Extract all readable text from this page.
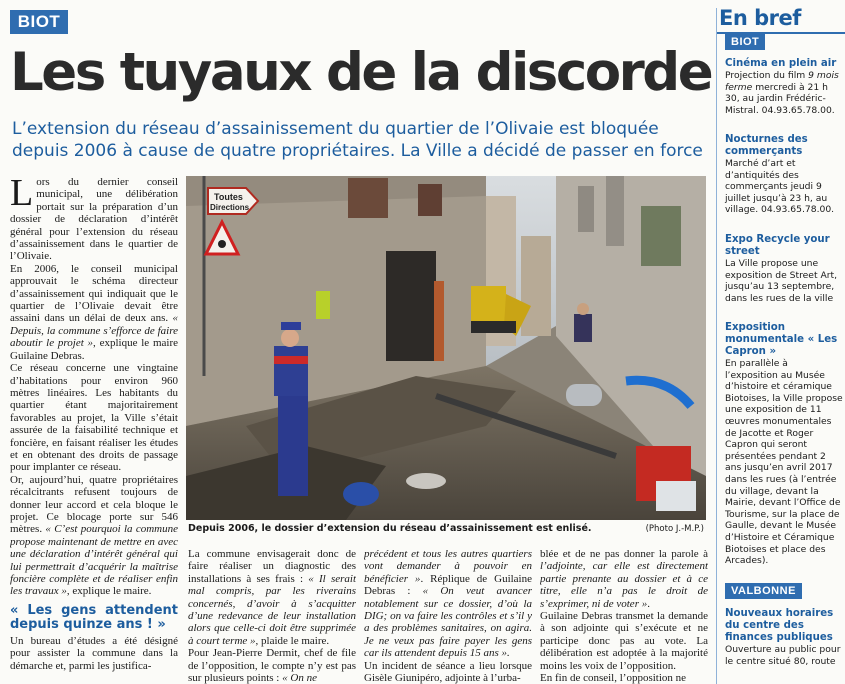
BIOT
Les tuyaux de la discorde
L’extension du réseau d’assainissement du quartier de l’Olivaie est bloquée depuis 2006 à cause de quatre propriétaires. La Ville a décidé de passer en force
L ors du dernier conseil municipal, une délibération portait sur la préparation d’un dossier de déclaration d’intérêt général pour l’extension du réseau d’assainissement dans le quartier de l’Olivaie.

En 2006, le conseil municipal approuvait le schéma directeur d’assainissement qui indiquait que le quartier de l’Olivaie devait être assaini dans un délai de deux ans. « Depuis, la commune s’efforce de faire aboutir le projet », explique le maire Guilaine Debras.

Ce réseau concerne une vingtaine d’habitations pour environ 960 mètres linéaires. Les habitants du quartier étant majoritairement favorables au projet, la Ville s’était assurée de la faisabilité technique et foncière, en faisant réaliser les études et en obtenant des droits de passage pour implanter ce réseau.

Or, aujourd’hui, quatre propriétaires récalcitrants refusent toujours de donner leur accord et cela bloque le projet. Ce blocage porte sur 546 mètres. « C’est pourquoi la commune propose maintenant de mettre en avec une déclaration d’intérêt général qui lui permettrait d’acquérir la maîtrise foncière complète et de réaliser enfin les travaux », explique le maire.

« Les gens attendent depuis quinze ans ! »

Un bureau d’études a été désigné pour assister la commune dans la démarche et, parmi les justifica-

Toutes
Directions
Depuis 2006, le dossier d’extension du réseau d’assainissement est enlisé.	(Photo J.-M.P.)

La commune envisagerait donc de faire réaliser un diagnostic des installations à ses frais : « Il serait mal compris, par les riverains concernés, d’avoir à s’acquitter d’une redevance de leur installation alors que celle-ci doit être supprimée à court terme », plaide le maire.

Pour Jean-Pierre Dermit, chef de file de l’opposition, le compte n’y est pas sur plusieurs points : « On ne

précédent et tous les autres quartiers vont demander à pouvoir en bénéficier ». Réplique de Guilaine Debras : « On veut avancer notablement sur ce dossier, d’où la DIG; on va faire les contrôles et s’il y a des problèmes sanitaires, on agira. Je ne veux pas faire payer les gens car ils attendent depuis 15 ans ».

Un incident de séance a lieu lorsque Gisèle Giunipéro, adjointe à l’urba-

blée et de ne pas donner la parole à l’adjointe, car elle est directement partie prenante au dossier et à ce titre, elle n’a pas le droit de s’exprimer, ni de voter ».

Guilaine Debras transmet la demande à son adjointe qui s’exécute et ne participe donc pas au vote. La délibération est adoptée à la majorité moins les voix de l’opposition.

En fin de conseil, l’opposition ne

En bref
BIOT
Cinéma en plein air
Projection du film 9 mois ferme mercredi à 21 h 30, au jardin Frédéric-Mistral. 04.93.65.78.00.
Nocturnes des commerçants
Marché d’art et d’antiquités des commerçants jeudi 9 juillet jusqu’à 23 h, au village. 04.93.65.78.00.
Expo Recycle your street
La Ville propose une exposition de Street Art, jusqu’au 13 septembre, dans les rues de la ville
Exposition monumentale « Les Capron »
En parallèle à l’exposition au Musée d’histoire et céramique Biotoises, la Ville propose une exposition de 11 œuvres monumentales de Jacotte et Roger Capron qui seront présentées pendant 2 ans jusqu’en avril 2017 dans les rues (à l’entrée du village, devant la Mairie, devant l’Office de Tourisme, sur la place de Gaulle, devant le Musée d’Histoire et Céramique Biotoises et place des Arcades).
VALBONNE
Nouveaux horaires du centre des finances publiques
Ouverture au public pour le centre situé 80, route
